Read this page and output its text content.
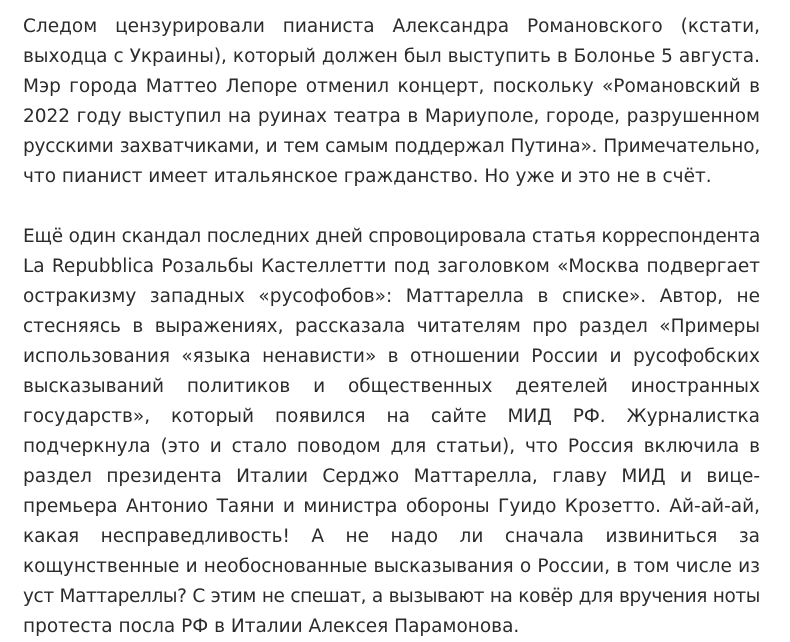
Следом цензурировали пианиста Александра Романовского (кстати,
выходца с Украины), который должен был выступить в Болонье 5 августа.
Мэр города Маттео Лепоре отменил концерт, поскольку «Романовский в
2022 году выступил на руинах театра в Мариуполе, городе, разрушенном
русскими захватчиками, и тем самым поддержал Путина». Примечательно,
что пианист имеет итальянское гражданство. Но уже и это не в счёт.

Ещё один скандал последних дней спровоцировала статья корреспондента
La Repubblica Розальбы Кастеллетти под заголовком «Москва подвергает
остракизму западных «русофобов»: Маттарелла в списке». Автор, не
стесняясь в выражениях, рассказала читателям про раздел «Примеры
использования «языка ненависти» в отношении России и русофобских
высказываний политиков и общественных деятелей иностранных
государств», который появился на сайте МИД РФ. Журналистка
подчеркнула (это и стало поводом для статьи), что Россия включила в
раздел президента Италии Серджо Маттарелла, главу МИД и вице-
премьера Антонио Таяни и министра обороны Гуидо Крозетто. Ай-ай-ай,
какая несправедливость! А не надо ли сначала извиниться за
кощунственные и необоснованные высказывания о России, в том числе из
уст Маттареллы? С этим не спешат, а вызывают на ковёр для вручения ноты
протеста посла РФ в Италии Алексея Парамонова.
